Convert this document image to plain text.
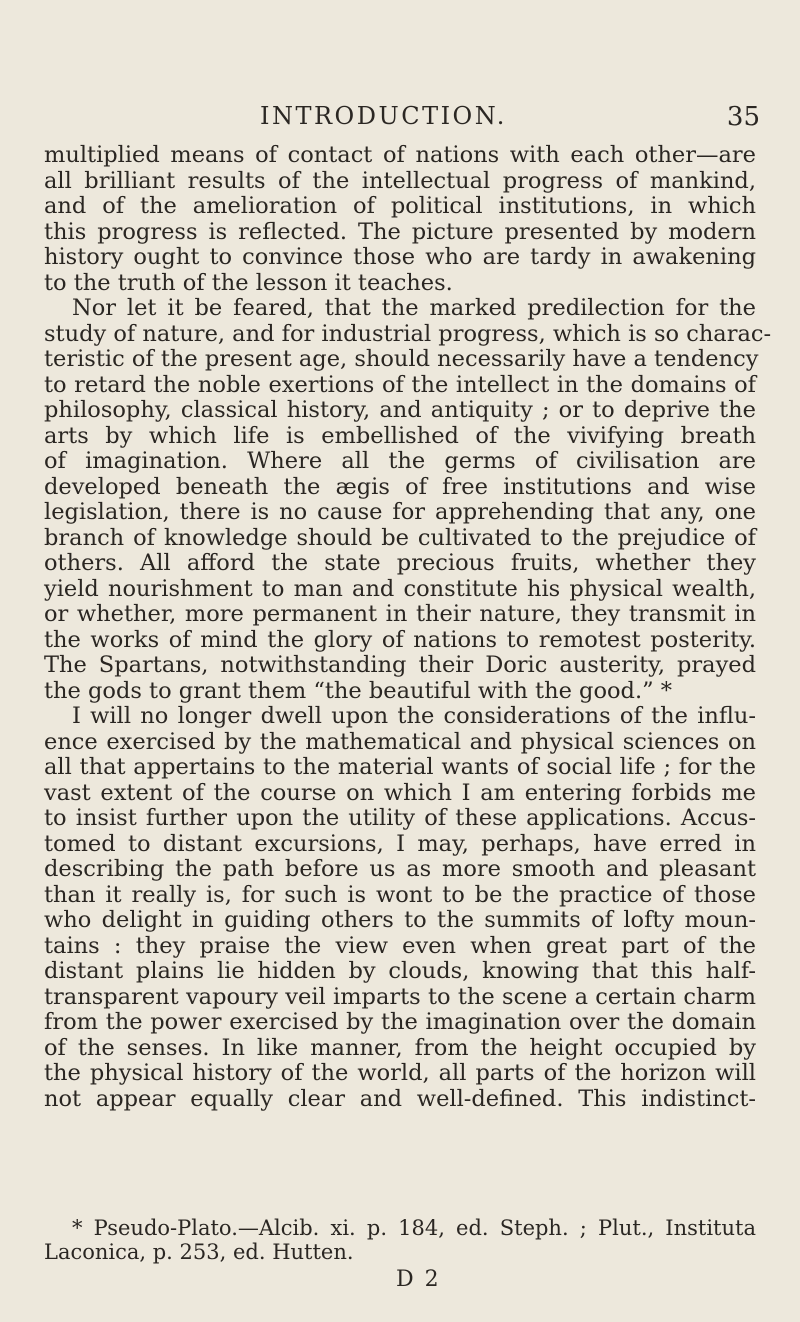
INTRODUCTION.	35
multiplied means of contact of nations with each other—are
all brilliant results of the intellectual progress of mankind,
and of the amelioration of political institutions, in which
this progress is reflected. The picture presented by modern
history ought to convince those who are tardy in awakening
to the truth of the lesson it teaches.
Nor let it be feared, that the marked predilection for the
study of nature, and for industrial progress, which is so charac-
teristic of the present age, should necessarily have a tendency
to retard the noble exertions of the intellect in the domains of
philosophy, classical history, and antiquity ; or to deprive the
arts by which life is embellished of the vivifying breath
of imagination. Where all the germs of civilisation are
developed beneath the ægis of free institutions and wise
legislation, there is no cause for apprehending that any, one
branch of knowledge should be cultivated to the prejudice of
others. All afford the state precious fruits, whether they
yield nourishment to man and constitute his physical wealth,
or whether, more permanent in their nature, they transmit in
the works of mind the glory of nations to remotest posterity.
The Spartans, notwithstanding their Doric austerity, prayed
the gods to grant them “the beautiful with the good.” *
I will no longer dwell upon the considerations of the influ-
ence exercised by the mathematical and physical sciences on
all that appertains to the material wants of social life ; for the
vast extent of the course on which I am entering forbids me
to insist further upon the utility of these applications. Accus-
tomed to distant excursions, I may, perhaps, have erred in
describing the path before us as more smooth and pleasant
than it really is, for such is wont to be the practice of those
who delight in guiding others to the summits of lofty moun-
tains : they praise the view even when great part of the
distant plains lie hidden by clouds, knowing that this half-
transparent vapoury veil imparts to the scene a certain charm
from the power exercised by the imagination over the domain
of the senses. In like manner, from the height occupied by
the physical history of the world, all parts of the horizon will
not appear equally clear and well-defined. This indistinct-
* Pseudo-Plato.—Alcib. xi. p. 184, ed. Steph. ; Plut., Instituta
Laconica, p. 253, ed. Hutten.
D 2
